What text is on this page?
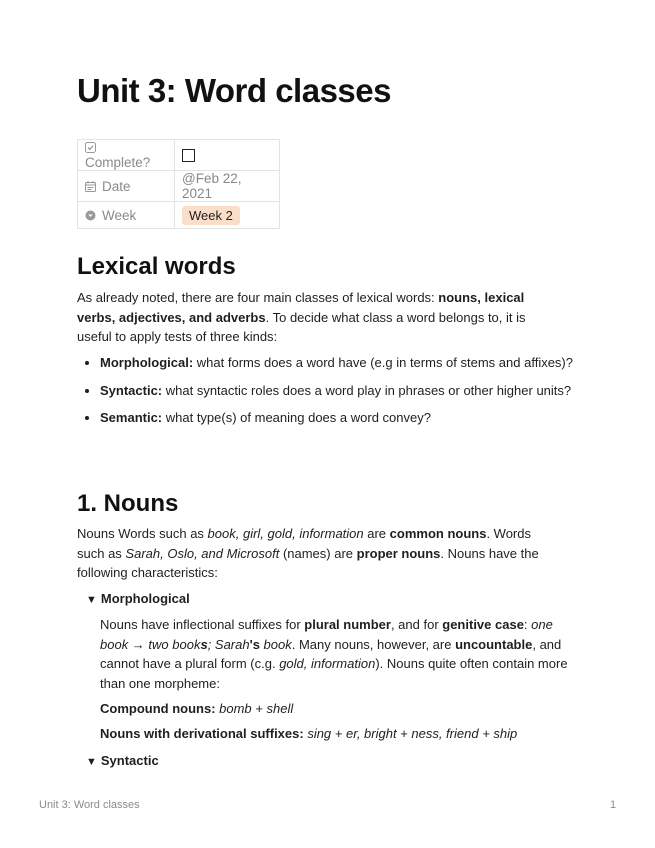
Unit 3: Word classes
Complete?	
Date	@Feb 22, 2021
Week	Week 2
Lexical words
As already noted, there are four main classes of lexical words: nouns, lexical verbs, adjectives, and adverbs. To decide what class a word belongs to, it is useful to apply tests of three kinds:
• Morphological: what forms does a word have (e.g in terms of stems and affixes)?
• Syntactic: what syntactic roles does a word play in phrases or other higher units?
• Semantic: what type(s) of meaning does a word convey?
1. Nouns
Nouns Words such as book, girl, gold, information are common nouns. Words such as Sarah, Oslo, and Microsoft (names) are proper nouns. Nouns have the following characteristics:
▼ Morphological
Nouns have inflectional suffixes for plural number, and for genitive case: one book → two books; Sarah's book. Many nouns, however, are uncountable, and cannot have a plural form (c.g. gold, information). Nouns quite often contain more than one morpheme:
Compound nouns: bomb + shell
Nouns with derivational suffixes: sing + er, bright + ness, friend + ship
▼ Syntactic
Unit 3: Word classes	1
